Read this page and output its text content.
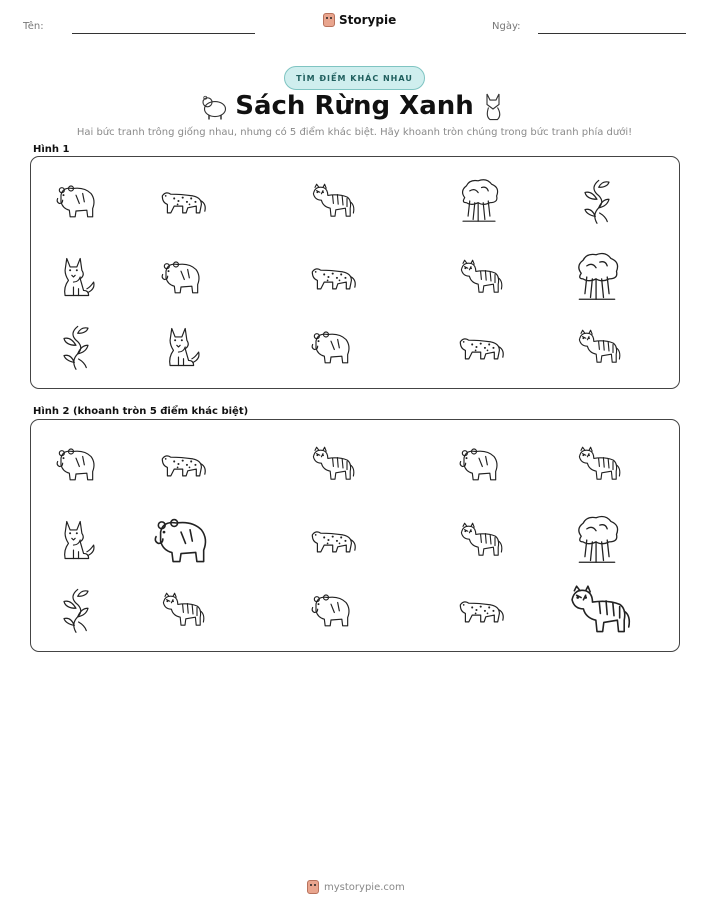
Tên:	Storypie	Ngày:
TÌM ĐIỂM KHÁC NHAU
Sách Rừng Xanh
Hai bức tranh trông giống nhau, nhưng có 5 điểm khác biệt. Hãy khoanh tròn chúng trong bức tranh phía dưới!
Hình 1
Hình 2 (khoanh tròn 5 điểm khác biệt)
mystorypie.com
